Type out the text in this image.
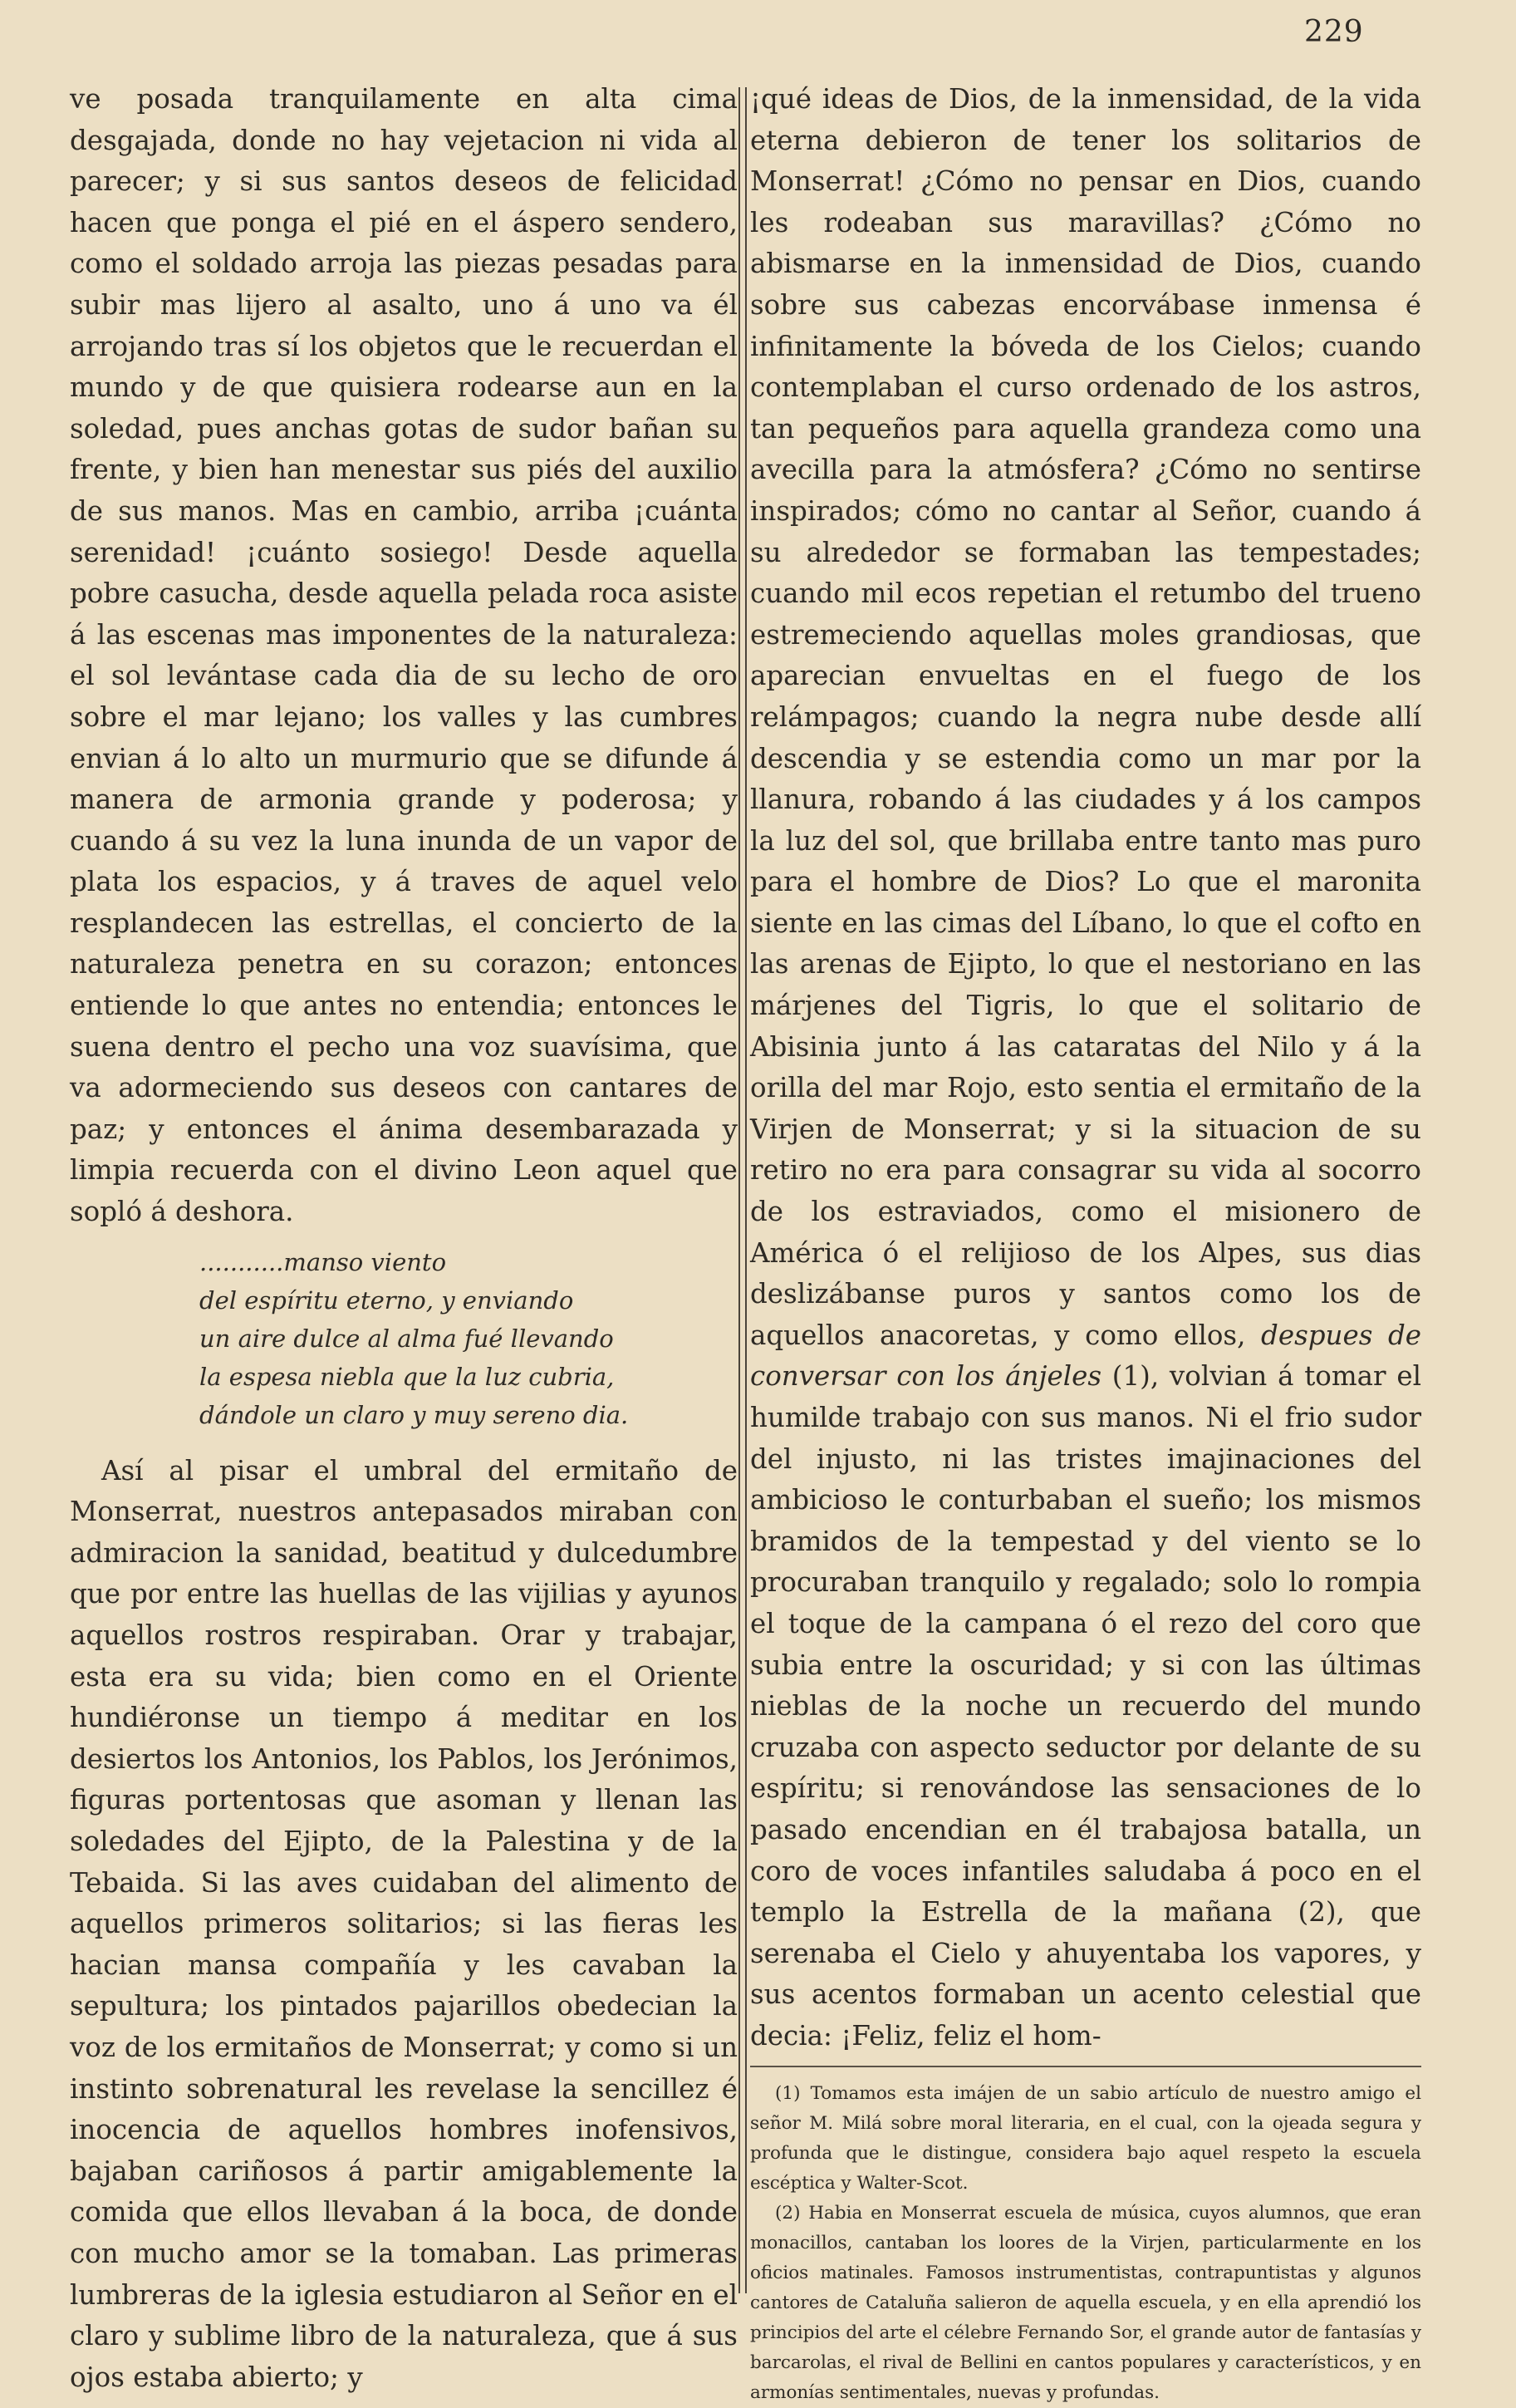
229

ve posada tranquilamente en alta cima desgajada, donde no hay vejetacion ni vida al parecer; y si sus santos deseos de felicidad hacen que ponga el pié en el áspero sendero, como el soldado arroja las piezas pesadas para subir mas lijero al asalto, uno á uno va él arrojando tras sí los objetos que le recuerdan el mundo y de que quisiera rodearse aun en la soledad, pues anchas gotas de sudor bañan su frente, y bien han menestar sus piés del auxilio de sus manos. Mas en cambio, arriba ¡cuánta serenidad! ¡cuánto sosiego! Desde aquella pobre casucha, desde aquella pelada roca asiste á las escenas mas imponentes de la naturaleza: el sol levántase cada dia de su lecho de oro sobre el mar lejano; los valles y las cumbres envian á lo alto un murmurio que se difunde á manera de armonia grande y poderosa; y cuando á su vez la luna inunda de un vapor de plata los espacios, y á traves de aquel velo resplandecen las estrellas, el concierto de la naturaleza penetra en su corazon; entonces entiende lo que antes no entendia; entonces le suena dentro el pecho una voz suavísima, que va adormeciendo sus deseos con cantares de paz; y entonces el ánima desembarazada y limpia recuerda con el divino Leon aquel que sopló á deshora.

...........manso viento
del espíritu eterno, y enviando
un aire dulce al alma fué llevando
la espesa niebla que la luz cubria,
dándole un claro y muy sereno dia.

Así al pisar el umbral del ermitaño de Monserrat, nuestros antepasados miraban con admiracion la sanidad, beatitud y dulcedumbre que por entre las huellas de las vijilias y ayunos aquellos rostros respiraban. Orar y trabajar, esta era su vida; bien como en el Oriente hundiéronse un tiempo á meditar en los desiertos los Antonios, los Pablos, los Jerónimos, figuras portentosas que asoman y llenan las soledades del Ejipto, de la Palestina y de la Tebaida. Si las aves cuidaban del alimento de aquellos primeros solitarios; si las fieras les hacian mansa compañía y les cavaban la sepultura; los pintados pajarillos obedecian la voz de los ermitaños de Monserrat; y como si un instinto sobrenatural les revelase la sencillez é inocencia de aquellos hombres inofensivos, bajaban cariñosos á partir amigablemente la comida que ellos llevaban á la boca, de donde con mucho amor se la tomaban. Las primeras lumbreras de la iglesia estudiaron al Señor en el claro y sublime libro de la naturaleza, que á sus ojos estaba abierto; y

¡qué ideas de Dios, de la inmensidad, de la vida eterna debieron de tener los solitarios de Monserrat! ¿Cómo no pensar en Dios, cuando les rodeaban sus maravillas? ¿Cómo no abismarse en la inmensidad de Dios, cuando sobre sus cabezas encorvábase inmensa é infinitamente la bóveda de los Cielos; cuando contemplaban el curso ordenado de los astros, tan pequeños para aquella grandeza como una avecilla para la atmósfera? ¿Cómo no sentirse inspirados; cómo no cantar al Señor, cuando á su alrededor se formaban las tempestades; cuando mil ecos repetian el retumbo del trueno estremeciendo aquellas moles grandiosas, que aparecian envueltas en el fuego de los relámpagos; cuando la negra nube desde allí descendia y se estendia como un mar por la llanura, robando á las ciudades y á los campos la luz del sol, que brillaba entre tanto mas puro para el hombre de Dios? Lo que el maronita siente en las cimas del Líbano, lo que el cofto en las arenas de Ejipto, lo que el nestoriano en las márjenes del Tigris, lo que el solitario de Abisinia junto á las cataratas del Nilo y á la orilla del mar Rojo, esto sentia el ermitaño de la Virjen de Monserrat; y si la situacion de su retiro no era para consagrar su vida al socorro de los estraviados, como el misionero de América ó el relijioso de los Alpes, sus dias deslizábanse puros y santos como los de aquellos anacoretas, y como ellos, despues de conversar con los ánjeles (1), volvian á tomar el humilde trabajo con sus manos. Ni el frio sudor del injusto, ni las tristes imajinaciones del ambicioso le conturbaban el sueño; los mismos bramidos de la tempestad y del viento se lo procuraban tranquilo y regalado; solo lo rompia el toque de la campana ó el rezo del coro que subia entre la oscuridad; y si con las últimas nieblas de la noche un recuerdo del mundo cruzaba con aspecto seductor por delante de su espíritu; si renovándose las sensaciones de lo pasado encendian en él trabajosa batalla, un coro de voces infantiles saludaba á poco en el templo la Estrella de la mañana (2), que serenaba el Cielo y ahuyentaba los vapores, y sus acentos formaban un acento celestial que decia: ¡Feliz, feliz el hom-

(1) Tomamos esta imájen de un sabio artículo de nuestro amigo el señor M. Milá sobre moral literaria, en el cual, con la ojeada segura y profunda que le distingue, considera bajo aquel respeto la escuela escéptica y Walter-Scot.

(2) Habia en Monserrat escuela de música, cuyos alumnos, que eran monacillos, cantaban los loores de la Virjen, particularmente en los oficios matinales. Famosos instrumentistas, contrapuntistas y algunos cantores de Cataluña salieron de aquella escuela, y en ella aprendió los principios del arte el célebre Fernando Sor, el grande autor de fantasías y barcarolas, el rival de Bellini en cantos populares y característicos, y en armonías sentimentales, nuevas y profundas.
